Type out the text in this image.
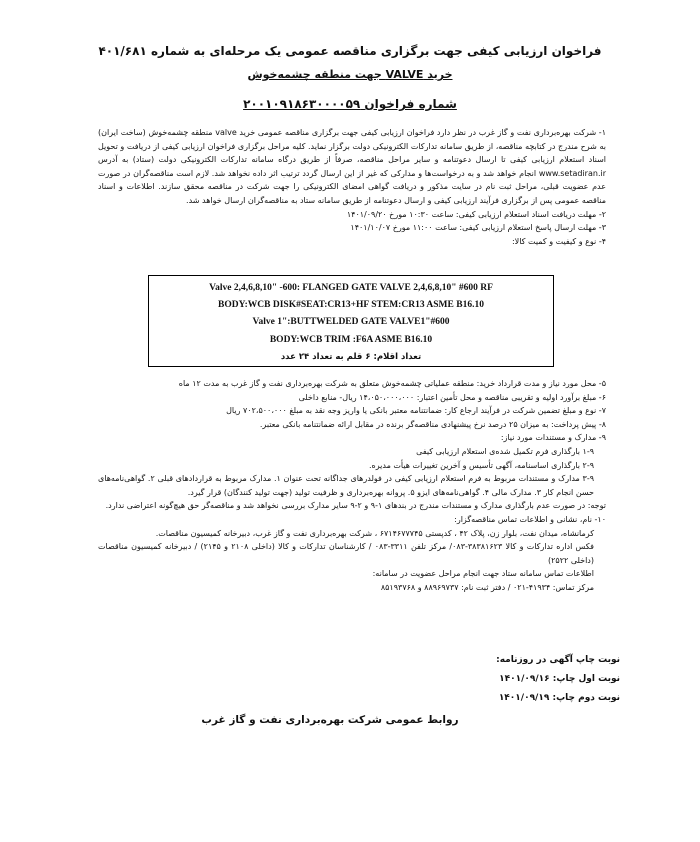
فراخوان ارزیابی کیفی جهت برگزاری مناقصه عمومی یک مرحله‌ای به شماره ۴۰۱/۶۸۱
خرید VALVE جهت منطقه چشمه‌خوش
شماره فراخوان ۲۰۰۱۰۹۱۸۶۳۰۰۰۰۵۹

۱- شرکت بهره‌برداری نفت و گاز غرب در نظر دارد فراخوان ارزیابی کیفی جهت برگزاری مناقصه عمومی خرید valve منطقه چشمه‌خوش (ساخت ایران) به شرح مندرج در کتابچه مناقصه، از طریق سامانه تدارکات الکترونیکی دولت برگزار نماید. کلیه مراحل برگزاری فراخوان ارزیابی کیفی از دریافت و تحویل اسناد استعلام ارزیابی کیفی تا ارسال دعوتنامه و سایر مراحل مناقصه، صرفاً از طریق درگاه سامانه تدارکات الکترونیکی دولت (ستاد) به آدرس www.setadiran.ir انجام خواهد شد و به درخواست‌ها و مدارکی که غیر از این ارسال گردد ترتیب اثر داده نخواهد شد. لازم است مناقصه‌گران در صورت عدم عضویت قبلی، مراحل ثبت نام در سایت مذکور و دریافت گواهی امضای الکترونیکی را جهت شرکت در مناقصه محقق سازند. اطلاعات و اسناد مناقصه عمومی پس از برگزاری فرآیند ارزیابی کیفی و ارسال دعوتنامه از طریق سامانه ستاد به مناقصه‌گران ارسال خواهد شد.

۲- مهلت دریافت اسناد استعلام ارزیابی کیفی: ساعت ۱۰:۳۰ مورخ ۱۴۰۱/۰۹/۲۰

۳- مهلت ارسال پاسخ استعلام ارزیابی کیفی: ساعت ۱۱:۰۰ مورخ ۱۴۰۱/۱۰/۰۷

۴- نوع و کیفیت و کمیت کالا:

Valve 2,4,6,8,10" -600: FLANGED GATE VALVE 2,4,6,8,10" #600 RF
BODY:WCB DISK#SEAT:CR13+HF STEM:CR13 ASME B16.10
Valve 1":BUTTWELDED GATE VALVE1"#600
BODY:WCB TRIM :F6A ASME B16.10
تعداد اقلام: ۶ قلم به تعداد ۲۴ عدد

۵- محل مورد نیاز و مدت قرارداد خرید: منطقه عملیاتی چشمه‌خوش متعلق به شرکت بهره‌برداری نفت و گاز غرب به مدت ۱۲ ماه

۶- مبلغ برآورد اولیه و تقریبی مناقصه و محل تأمین اعتبار: ۱۴،۰۵۰،۰۰۰،۰۰۰ ریال- منابع داخلی

۷- نوع و مبلغ تضمین شرکت در فرآیند ارجاع کار: ضمانتنامه معتبر بانکی یا واریز وجه نقد به مبلغ ۷۰۲،۵۰۰،۰۰۰ ریال

۸- پیش پرداخت: به میزان ۲۵ درصد نرخ پیشنهادی مناقصه‌گر برنده در مقابل ارائه ضمانتنامه بانکی معتبر.

۹- مدارک و مستندات مورد نیاز:

۱-۹ بارگذاری فرم تکمیل شده‌ی استعلام ارزیابی کیفی

۲-۹ بارگذاری اساسنامه، آگهی تأسیس و آخرین تغییرات هیأت مدیره.

۳-۹ مدارک و مستندات مربوط به فرم استعلام ارزیابی کیفی در فولدرهای جداگانه تحت عنوان ۱. مدارک مربوط به قراردادهای قبلی ۲. گواهی‌نامه‌های حسن انجام کار ۳. مدارک مالی ۴. گواهی‌نامه‌های ایزو ۵. پروانه بهره‌برداری و ظرفیت تولید (جهت تولید کنندگان) قرار گیرد.

توجه: در صورت عدم بارگذاری مدارک و مستندات مندرج در بندهای ۱-۹ و ۲-۹ سایر مدارک بررسی نخواهد شد و مناقصه‌گر حق هیچ‌گونه اعتراضی ندارد.

۱۰- نام، نشانی و اطلاعات تماس مناقصه‌گزار:

کرمانشاه، میدان نفت، بلوار زن، پلاک ۴۲ ، کدپستی ۶۷۱۴۶۷۷۷۴۵ ، شرکت بهره‌برداری نفت و گاز غرب، دبیرخانه کمیسیون مناقصات.

فکس اداره تدارکات و کالا ۳۸۳۸۱۶۲۳-۰۸۳/ مرکز تلفن ۳۳۱۱-۰۸۳ / کارشناسان تدارکات و کالا (داخلی ۲۱۰۸ و ۲۱۴۵) / دبیرخانه کمیسیون مناقصات (داخلی ۲۵۲۲)

اطلاعات تماس سامانه ستاد جهت انجام مراحل عضویت در سامانه:

مرکز تماس: ۴۱۹۳۴-۰۲۱ / دفتر ثبت نام: ۸۸۹۶۹۷۳۷ و ۸۵۱۹۳۷۶۸

نوبت چاپ آگهی در روزنامه:
نوبت اول چاپ: ۱۴۰۱/۰۹/۱۶
نوبت دوم چاپ: ۱۴۰۱/۰۹/۱۹
روابط عمومی شرکت بهره‌برداری نفت و گاز غرب
